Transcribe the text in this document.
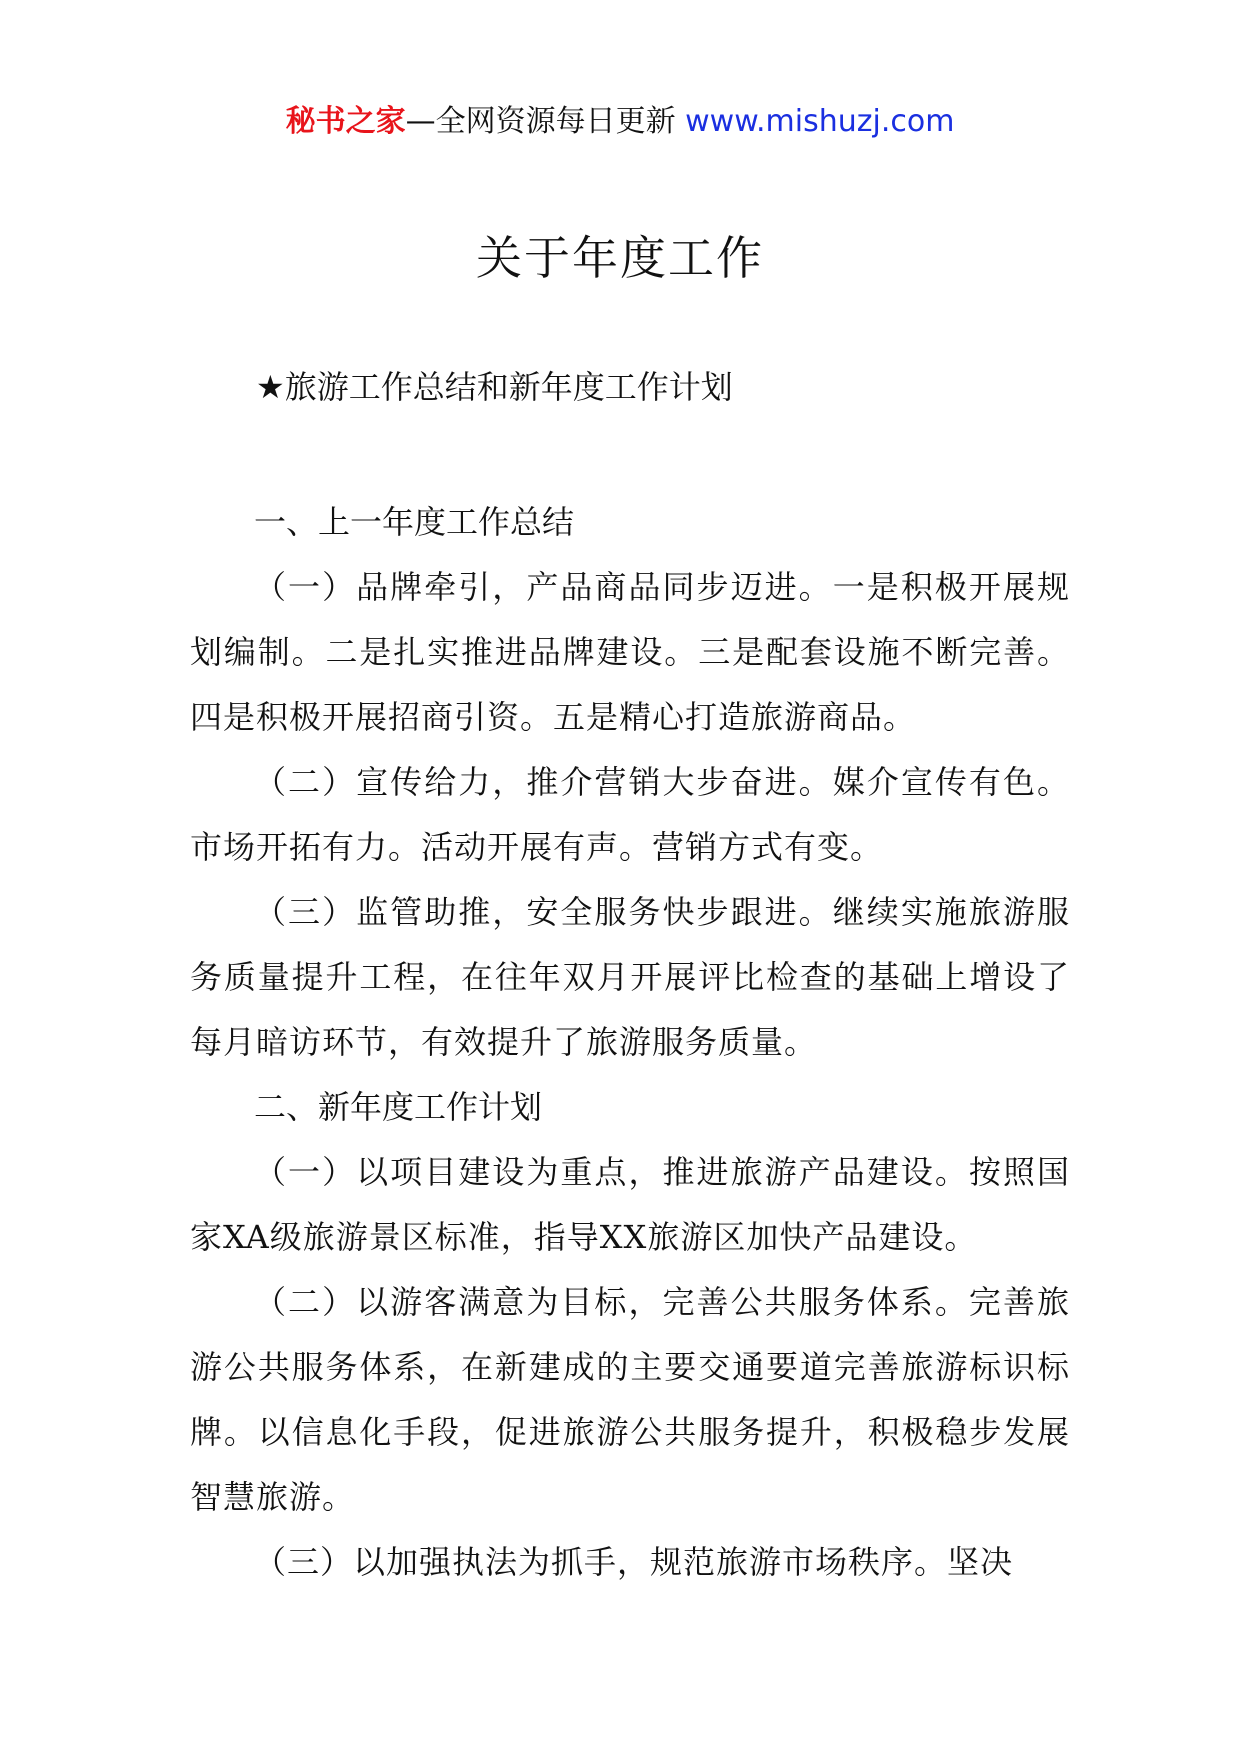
秘书之家—全网资源每日更新 www.mishuzj.com
关于年度工作
★旅游工作总结和新年度工作计划
一、上一年度工作总结

（一）品牌牵引，产品商品同步迈进。一是积极开展规划编制。二是扎实推进品牌建设。三是配套设施不断完善。四是积极开展招商引资。五是精心打造旅游商品。

（二）宣传给力，推介营销大步奋进。媒介宣传有色。市场开拓有力。活动开展有声。营销方式有变。

（三）监管助推，安全服务快步跟进。继续实施旅游服务质量提升工程，在往年双月开展评比检查的基础上增设了每月暗访环节，有效提升了旅游服务质量。

二、新年度工作计划

（一）以项目建设为重点，推进旅游产品建设。按照国家XA级旅游景区标准，指导XX旅游区加快产品建设。

（二）以游客满意为目标，完善公共服务体系。完善旅游公共服务体系，在新建成的主要交通要道完善旅游标识标牌。以信息化手段，促进旅游公共服务提升，积极稳步发展智慧旅游。

（三）以加强执法为抓手，规范旅游市场秩序。坚决
